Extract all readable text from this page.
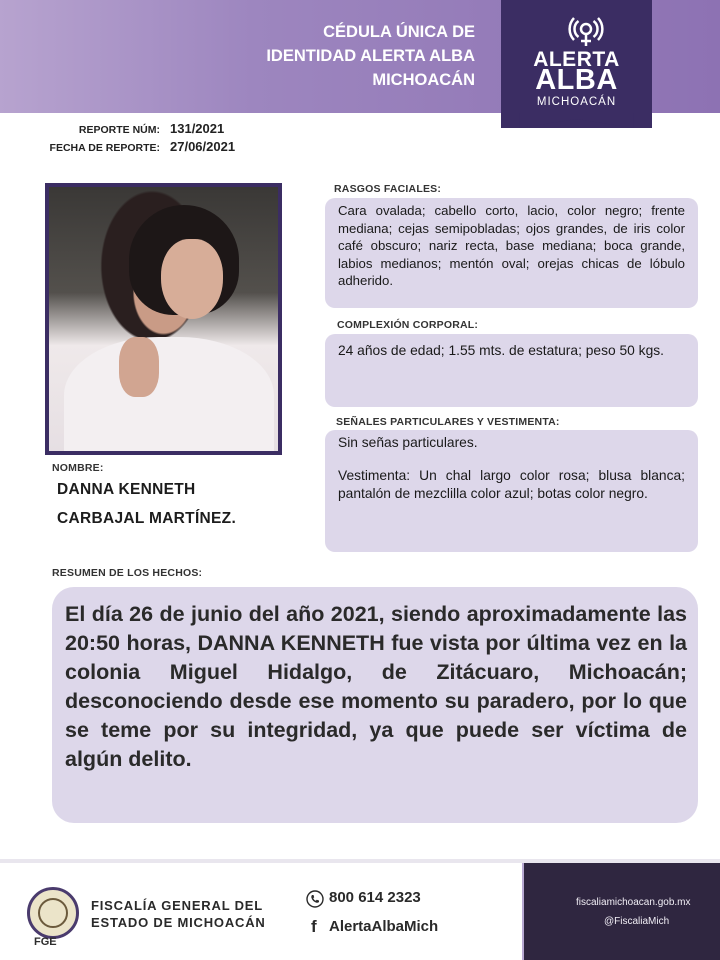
CÉDULA ÚNICA DE
IDENTIDAD ALERTA ALBA
MICHOACÁN
ALERTA
ALBA
MICHOACÁN
REPORTE NÚM: 131/2021
FECHA DE REPORTE: 27/06/2021
NOMBRE:
DANNA KENNETH
CARBAJAL MARTÍNEZ.
RASGOS FACIALES:

Cara ovalada; cabello corto, lacio, color negro; frente mediana; cejas semipobladas; ojos grandes, de iris color café obscuro; nariz recta, base mediana; boca grande, labios medianos; mentón oval; orejas chicas de lóbulo adherido.

COMPLEXIÓN CORPORAL:

24 años de edad; 1.55 mts. de estatura; peso 50 kgs.

SEÑALES PARTICULARES Y VESTIMENTA:

Sin señas particulares.

Vestimenta: Un chal largo color rosa; blusa blanca; pantalón de mezclilla color azul; botas color negro.

RESUMEN DE LOS HECHOS:

El día 26 de junio del año 2021, siendo aproximadamente las 20:50 horas, DANNA KENNETH fue vista por última vez en la colonia Miguel Hidalgo, de Zitácuaro, Michoacán; desconociendo desde ese momento su paradero, por lo que se teme por su integridad, ya que puede ser víctima de algún delito.

FGE
FISCALÍA GENERAL DEL
ESTADO DE MICHOACÁN
800 614 2323
f AlertaAlbaMich
fiscaliamichoacan.gob.mx
@FiscaliaMich
